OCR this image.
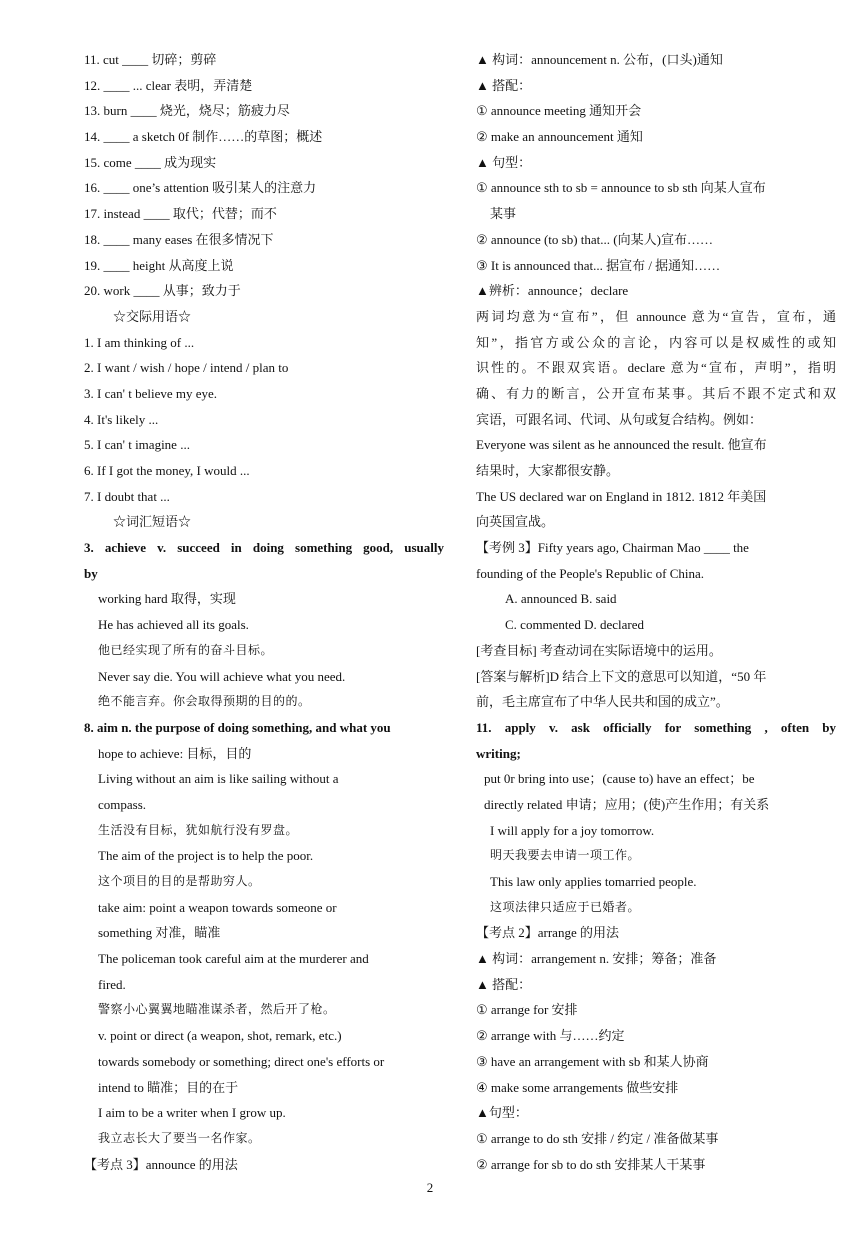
11. cut ____ 切碎；剪碎
12. ____ ... clear 表明，弄清楚
13. burn ____ 烧光，烧尽；筋疲力尽
14. ____ a sketch 0f 制作……的草图；概述
15. come ____ 成为现实
16. ____ one’s attention 吸引某人的注意力
17. instead ____ 取代；代替；而不
18. ____ many eases 在很多情况下
19. ____ height 从高度上说
20. work ____ 从事；致力于
☆交际用语☆
1. I am thinking of ...
2. I want / wish / hope / intend / plan to
3. I can' t believe my eye.
4. It's likely ...
5. I can' t imagine ...
6. If I got the money, I would ...
7. I doubt that ...
☆词汇短语☆
3. achieve v. succeed in doing something good, usually
by
working hard 取得，实现
He has achieved all its goals.
他已经实现了所有的奋斗目标。
Never say die. You will achieve what you need.
绝不能言弃。你会取得预期的目的的。
8. aim n. the purpose of doing something, and what you
hope to achieve: 目标，目的
Living without an aim is like sailing without a
compass.
生活没有目标，犹如航行没有罗盘。
The aim of the project is to help the poor.
这个项目的目的是帮助穷人。
take aim: point a weapon towards someone or
something 对准，瞄准
The policeman took careful aim at the murderer and
fired.
警察小心翼翼地瞄准谋杀者，然后开了枪。
v. point or direct (a weapon, shot, remark, etc.)
towards somebody or something; direct one's efforts or
intend to 瞄准；目的在于
I aim to be a writer when I grow up.
我立志长大了要当一名作家。
【考点 3】announce 的用法
▲ 构词：announcement n. 公布，(口头)通知
▲ 搭配：
① announce meeting 通知开会
② make an announcement 通知
▲ 句型：
① announce sth to sb = announce to sb sth 向某人宣布
某事
② announce (to sb) that... (向某人)宣布……
③ It is announced that... 据宣布 / 据通知……
▲辨析：announce；declare
两词均意为“宣布”，但 announce 意为“宣告，宣布，通
知”，指官方或公众的言论，内容可以是权威性的或知
识性的。不跟双宾语。declare 意为“宣布，声明”，指明
确、有力的断言，公开宣布某事。其后不跟不定式和双
宾语，可跟名词、代词、从句或复合结构。例如：
Everyone was silent as he announced the result. 他宣布
结果时，大家都很安静。
The US declared war on England in 1812. 1812 年美国
向英国宣战。
【考例 3】Fifty years ago, Chairman Mao ____ the
founding of the People's Republic of China.
A. announced B. said
C. commented D. declared
[考查目标] 考查动词在实际语境中的运用。
[答案与解析]D 结合上下文的意思可以知道，“50 年
前，毛主席宣布了中华人民共和国的成立”。
11. apply v. ask officially for something , often by
writing;
put 0r bring into use；(cause to) have an effect；be
directly related 申请；应用；(使)产生作用；有关系
I will apply for a joy tomorrow.
明天我要去申请一项工作。
This law only applies tomarried people.
这项法律只适应于已婚者。
【考点 2】arrange 的用法
▲ 构词：arrangement n. 安排；筹备；准备
▲ 搭配：
① arrange for 安排
② arrange with 与……约定
③ have an arrangement with sb 和某人协商
④ make some arrangements 做些安排
▲句型：
① arrange to do sth 安排 / 约定 / 准备做某事
② arrange for sb to do sth 安排某人干某事
2
